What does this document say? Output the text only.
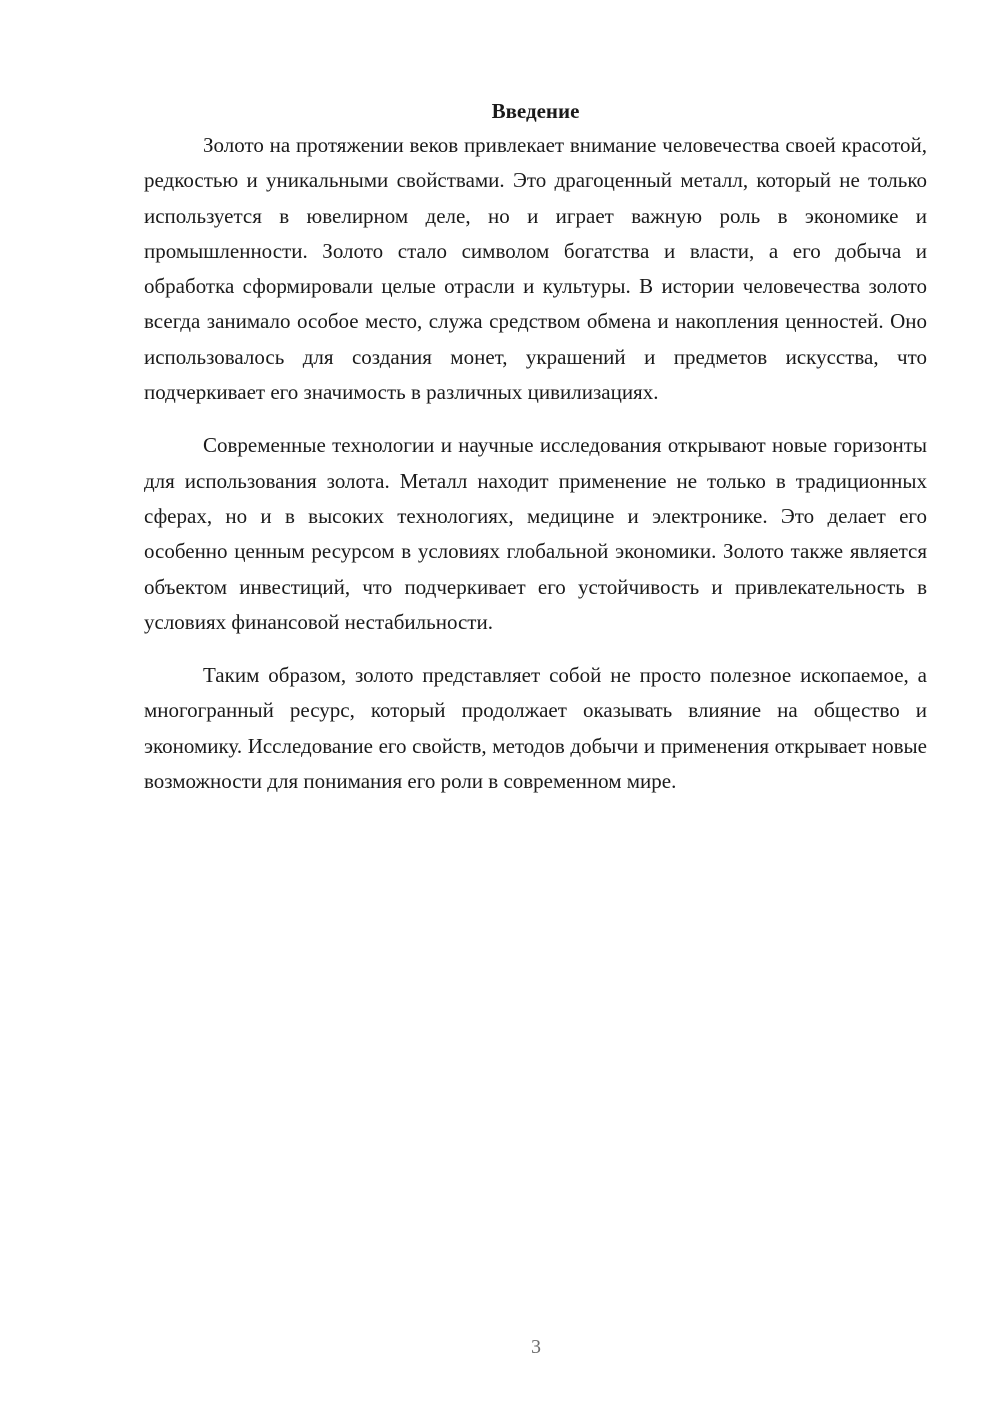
Введение

Золото на протяжении веков привлекает внимание человечества своей красотой, редкостью и уникальными свойствами. Это драгоценный металл, который не только используется в ювелирном деле, но и играет важную роль в экономике и промышленности. Золото стало символом богатства и власти, а его добыча и обработка сформировали целые отрасли и культуры. В истории человечества золото всегда занимало особое место, служа средством обмена и накопления ценностей. Оно использовалось для создания монет, украшений и предметов искусства, что подчеркивает его значимость в различных цивилизациях.

Современные технологии и научные исследования открывают новые горизонты для использования золота. Металл находит применение не только в традиционных сферах, но и в высоких технологиях, медицине и электронике. Это делает его особенно ценным ресурсом в условиях глобальной экономики. Золото также является объектом инвестиций, что подчеркивает его устойчивость и привлекательность в условиях финансовой нестабильности.

Таким образом, золото представляет собой не просто полезное ископаемое, а многогранный ресурс, который продолжает оказывать влияние на общество и экономику. Исследование его свойств, методов добычи и применения открывает новые возможности для понимания его роли в современном мире.

3
